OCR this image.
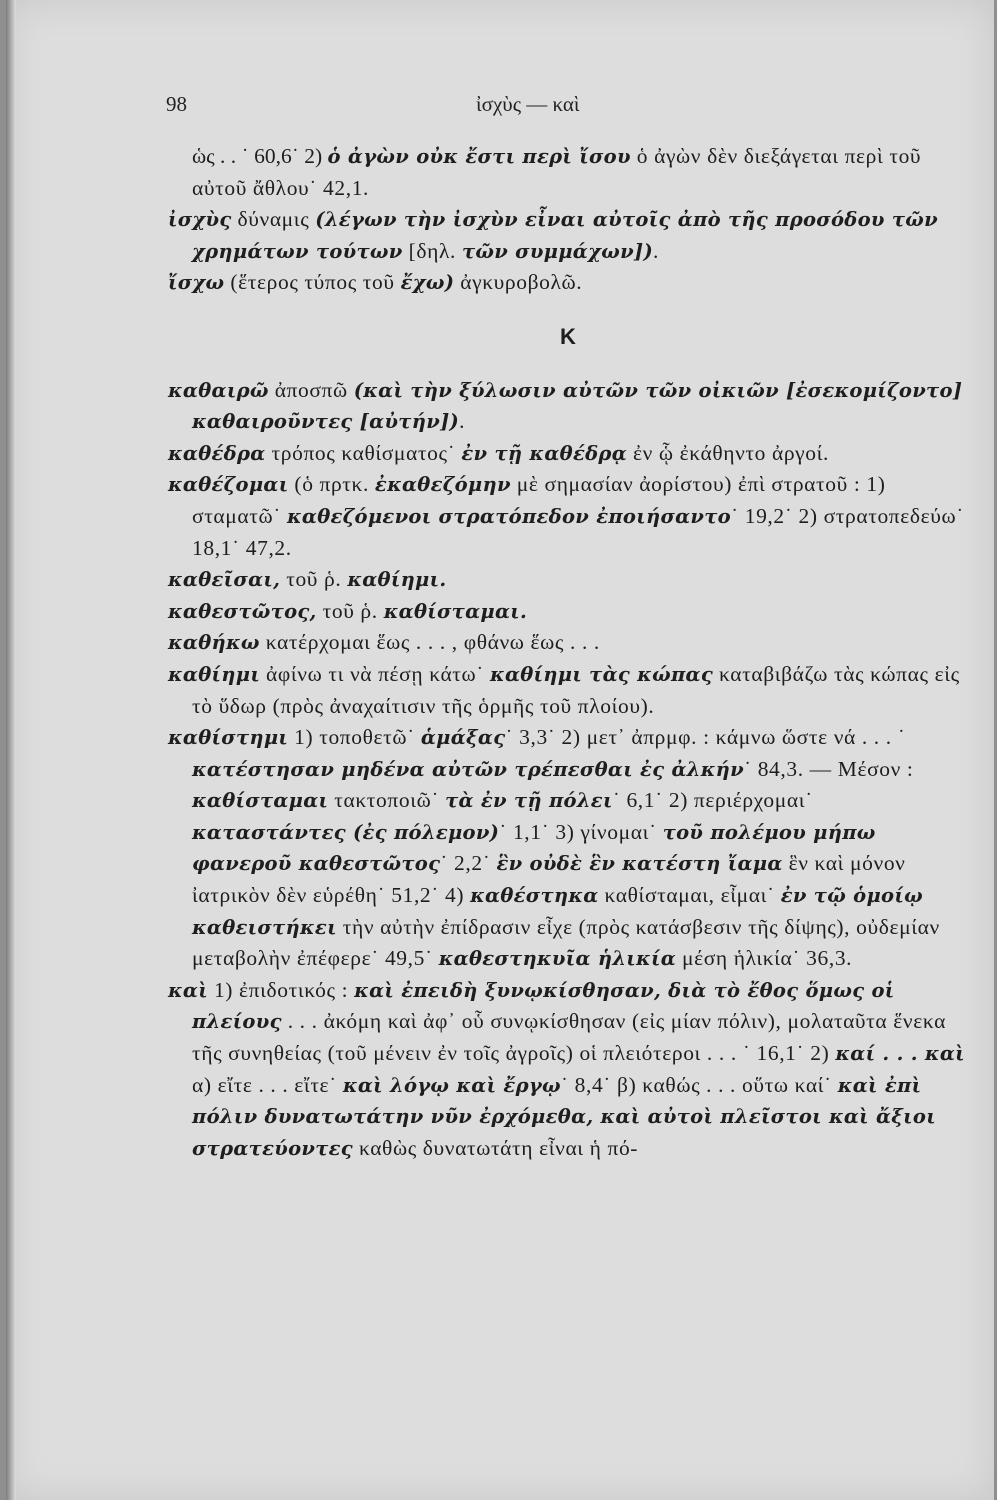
98	ἰσχὺς — καὶ

ὡς . . ˙ 60,6˙ 2) ὁ ἀγὼν οὐκ ἔστι περὶ ἴσου ὁ ἀγὼν δὲν διεξάγεται περὶ τοῦ αὐτοῦ ἄθλου˙ 42,1.

ἰσχὺς δύναμις (λέγων τὴν ἰσχὺν εἶναι αὐτοῖς ἀπὸ τῆς προσόδου τῶν χρημάτων τούτων [δηλ. τῶν συμμάχων]).

ἴσχω (ἕτερος τύπος τοῦ ἔχω) ἀγκυροβολῶ.

Κ

καθαιρῶ ἀποσπῶ (καὶ τὴν ξύλωσιν αὐτῶν τῶν οἰκιῶν [ἐσεκομίζοντο] καθαιροῦντες [αὐτήν]).

καθέδρα τρόπος καθίσματος˙ ἐν τῇ καθέδρᾳ ἐν ᾧ ἐκάθηντο ἀργοί.

καθέζομαι (ὁ πρτκ. ἐκαθεζόμην μὲ σημασίαν ἀορίστου) ἐπὶ στρατοῦ : 1) σταματῶ˙ καθεζόμενοι στρατόπεδον ἐποιήσαντο˙ 19,2˙ 2) στρατοπεδεύω˙ 18,1˙ 47,2.

καθεῖσαι, τοῦ ῥ. καθίημι.

καθεστῶτος, τοῦ ῥ. καθίσταμαι.

καθήκω κατέρχομαι ἕως . . . , φθάνω ἕως . . .

καθίημι ἀφίνω τι νὰ πέσῃ κάτω˙ καθίημι τὰς κώπας καταβιβάζω τὰς κώπας εἰς τὸ ὕδωρ (πρὸς ἀναχαίτισιν τῆς ὁρμῆς τοῦ πλοίου).

καθίστημι 1) τοποθετῶ˙ ἁμάξας˙ 3,3˙ 2) μετ᾽ ἀπρμφ. : κάμνω ὥστε νά . . . ˙ κατέστησαν μηδένα αὐτῶν τρέπεσθαι ἐς ἀλκήν˙ 84,3. — Μέσον : καθίσταμαι τακτοποιῶ˙ τὰ ἐν τῇ πόλει˙ 6,1˙ 2) περιέρχομαι˙ καταστάντες (ἐς πόλεμον)˙ 1,1˙ 3) γίνομαι˙ τοῦ πολέμου μήπω φανεροῦ καθεστῶτος˙ 2,2˙ ἓν οὐδὲ ἓν κατέστη ἴαμα ἓν καὶ μόνον ἰατρικὸν δὲν εὑρέθη˙ 51,2˙ 4) καθέστηκα καθίσταμαι, εἶμαι˙ ἐν τῷ ὁμοίῳ καθειστήκει τὴν αὐτὴν ἐπίδρασιν εἶχε (πρὸς κατάσβεσιν τῆς δίψης), οὐδεμίαν μεταβολὴν ἐπέφερε˙ 49,5˙ καθεστηκυῖα ἡλικία μέση ἡλικία˙ 36,3.

καὶ 1) ἐπιδοτικός : καὶ ἐπειδὴ ξυνῳκίσθησαν, διὰ τὸ ἔθος ὅμως οἱ πλείους . . . ἀκόμη καὶ ἀφ᾽ οὗ συνῳκίσθησαν (εἰς μίαν πόλιν), μολαταῦτα ἕνεκα τῆς συνηθείας (τοῦ μένειν ἐν τοῖς ἀγροῖς) οἱ πλειότεροι . . . ˙ 16,1˙ 2) καί . . . καὶ α) εἴτε . . . εἴτε˙ καὶ λόγῳ καὶ ἔργῳ˙ 8,4˙ β) καθώς . . . οὕτω καί˙ καὶ ἐπὶ πόλιν δυνατωτάτην νῦν ἐρχόμεθα, καὶ αὐτοὶ πλεῖστοι καὶ ἄξιοι στρατεύοντες καθὼς δυνατωτάτη εἶναι ἡ πό-
